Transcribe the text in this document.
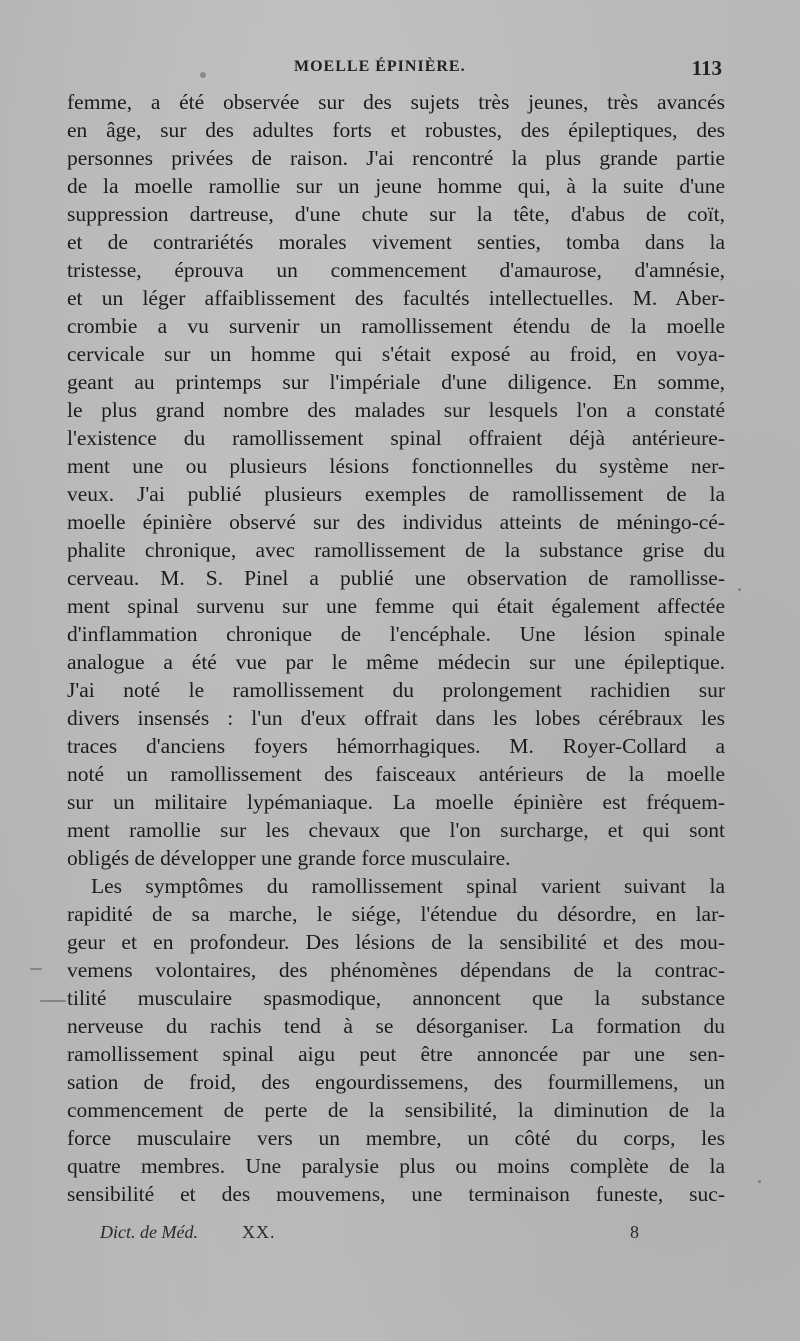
MOELLE ÉPINIÈRE.	113
femme, a été observée sur des sujets très jeunes, très avancés
en âge, sur des adultes forts et robustes, des épileptiques, des
personnes privées de raison. J'ai rencontré la plus grande partie
de la moelle ramollie sur un jeune homme qui, à la suite d'une
suppression dartreuse, d'une chute sur la tête, d'abus de coït,
et de contrariétés morales vivement senties, tomba dans la
tristesse, éprouva un commencement d'amaurose, d'amnésie,
et un léger affaiblissement des facultés intellectuelles. M. Aber-
crombie a vu survenir un ramollissement étendu de la moelle
cervicale sur un homme qui s'était exposé au froid, en voya-
geant au printemps sur l'impériale d'une diligence. En somme,
le plus grand nombre des malades sur lesquels l'on a constaté
l'existence du ramollissement spinal offraient déjà antérieure-
ment une ou plusieurs lésions fonctionnelles du système ner-
veux. J'ai publié plusieurs exemples de ramollissement de la
moelle épinière observé sur des individus atteints de méningo-cé-
phalite chronique, avec ramollissement de la substance grise du
cerveau. M. S. Pinel a publié une observation de ramollisse-
ment spinal survenu sur une femme qui était également affectée
d'inflammation chronique de l'encéphale. Une lésion spinale
analogue a été vue par le même médecin sur une épileptique.
J'ai noté le ramollissement du prolongement rachidien sur
divers insensés : l'un d'eux offrait dans les lobes cérébraux les
traces d'anciens foyers hémorrhagiques. M. Royer-Collard a
noté un ramollissement des faisceaux antérieurs de la moelle
sur un militaire lypémaniaque. La moelle épinière est fréquem-
ment ramollie sur les chevaux que l'on surcharge, et qui sont
obligés de développer une grande force musculaire.
Les symptômes du ramollissement spinal varient suivant la
rapidité de sa marche, le siége, l'étendue du désordre, en lar-
geur et en profondeur. Des lésions de la sensibilité et des mou-
vemens volontaires, des phénomènes dépendans de la contrac-
tilité musculaire spasmodique, annoncent que la substance
nerveuse du rachis tend à se désorganiser. La formation du
ramollissement spinal aigu peut être annoncée par une sen-
sation de froid, des engourdissemens, des fourmillemens, un
commencement de perte de la sensibilité, la diminution de la
force musculaire vers un membre, un côté du corps, les
quatre membres. Une paralysie plus ou moins complète de la
sensibilité et des mouvemens, une terminaison funeste, suc-
Dict. de Méd. XX.	8
